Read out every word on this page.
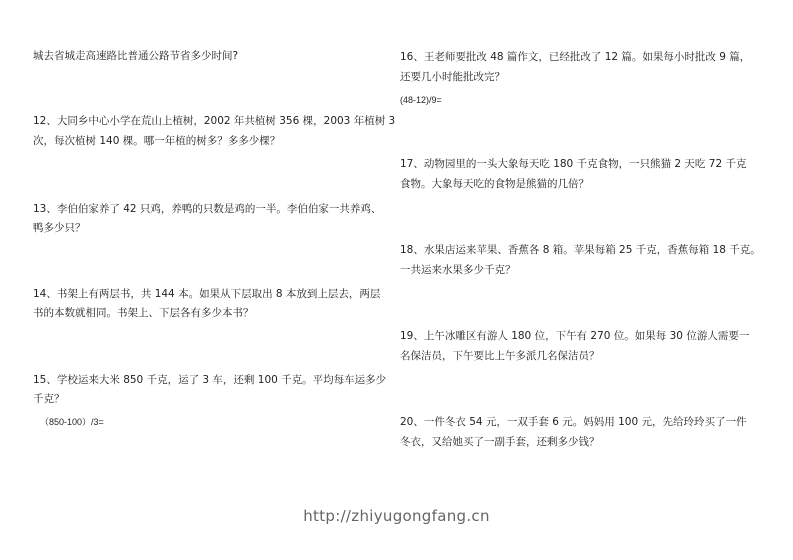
城去省城走高速路比普通公路节省多少时间?

12、大同乡中心小学在荒山上植树，2002 年共植树 356 棵，2003 年植树 3

次，每次植树 140 棵。哪一年植的树多？多多少棵？

13、李伯伯家养了 42 只鸡，养鸭的只数是鸡的一半。李伯伯家一共养鸡、

鸭多少只？

14、书架上有两层书，共 144 本。如果从下层取出 8 本放到上层去，两层

书的本数就相同。书架上、下层各有多少本书？

15、学校运来大米 850 千克，运了 3 车，还剩 100 千克。平均每车运多少

千克？

（850-100）/3=

16、王老师要批改 48 篇作文，已经批改了 12 篇。如果每小时批改 9 篇，

还要几小时能批改完？

(48-12)/9=

17、动物园里的一头大象每天吃 180 千克食物，一只熊猫 2 天吃 72 千克

食物。大象每天吃的食物是熊猫的几倍？

18、水果店运来苹果、香蕉各 8 箱。苹果每箱 25 千克，香蕉每箱 18 千克。

一共运来水果多少千克？

19、上午冰雕区有游人 180 位，下午有 270 位。如果每 30 位游人需要一

名保洁员，下午要比上午多派几名保洁员？

20、一件冬衣 54 元，一双手套 6 元。妈妈用 100 元，先给玲玲买了一件

冬衣，又给她买了一副手套，还剩多少钱？

http://zhiyugongfang.cn
